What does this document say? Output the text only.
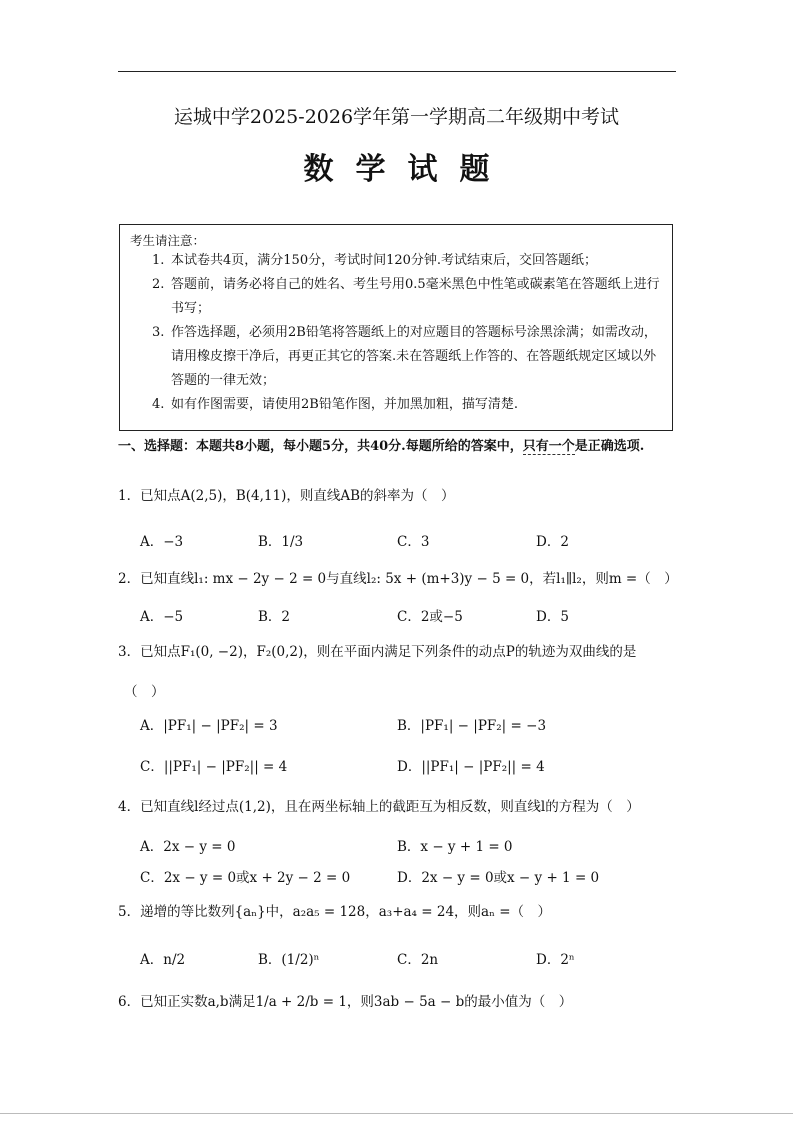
运城中学2025-2026学年第一学期高二年级期中考试
数学试题
考生请注意：
1. 本试卷共4页，满分150分，考试时间120分钟.考试结束后，交回答题纸；
2. 答题前，请务必将自己的姓名、考生号用0.5毫米黑色中性笔或碳素笔在答题纸上进行书写；
3. 作答选择题，必须用2B铅笔将答题纸上的对应题目的答题标号涂黑涂满；如需改动，请用橡皮擦干净后，再更正其它的答案.未在答题纸上作答的、在答题纸规定区域以外答题的一律无效；
4. 如有作图需要，请使用2B铅笔作图，并加黑加粗，描写清楚.
一、选择题：本题共8小题，每小题5分，共40分.每题所给的答案中，只有一个是正确选项.
1．已知点A(2,5)，B(4,11)，则直线AB的斜率为（　）
A．−3	B．1/3	C．3	D．2
2．已知直线l₁: mx − 2y − 2 = 0与直线l₂: 5x + (m+3)y − 5 = 0，若l₁∥l₂，则m =（　）
A．−5	B．2	C．2或−5	D．5
3．已知点F₁(0, −2)，F₂(0,2)，则在平面内满足下列条件的动点P的轨迹为双曲线的是
（　）
A．|PF₁| − |PF₂| = 3	B．|PF₁| − |PF₂| = −3
C．||PF₁| − |PF₂|| = 4	D．||PF₁| − |PF₂|| = 4
4．已知直线l经过点(1,2)，且在两坐标轴上的截距互为相反数，则直线l的方程为（　）
A．2x − y = 0	B．x − y + 1 = 0
C．2x − y = 0或x + 2y − 2 = 0	D．2x − y = 0或x − y + 1 = 0
5．递增的等比数列{aₙ}中，a₂a₅ = 128，a₃+a₄ = 24，则aₙ =（　）
A．n/2	B．(1/2)ⁿ	C．2n	D．2ⁿ
6．已知正实数a,b满足1/a + 2/b = 1，则3ab − 5a − b的最小值为（　）
